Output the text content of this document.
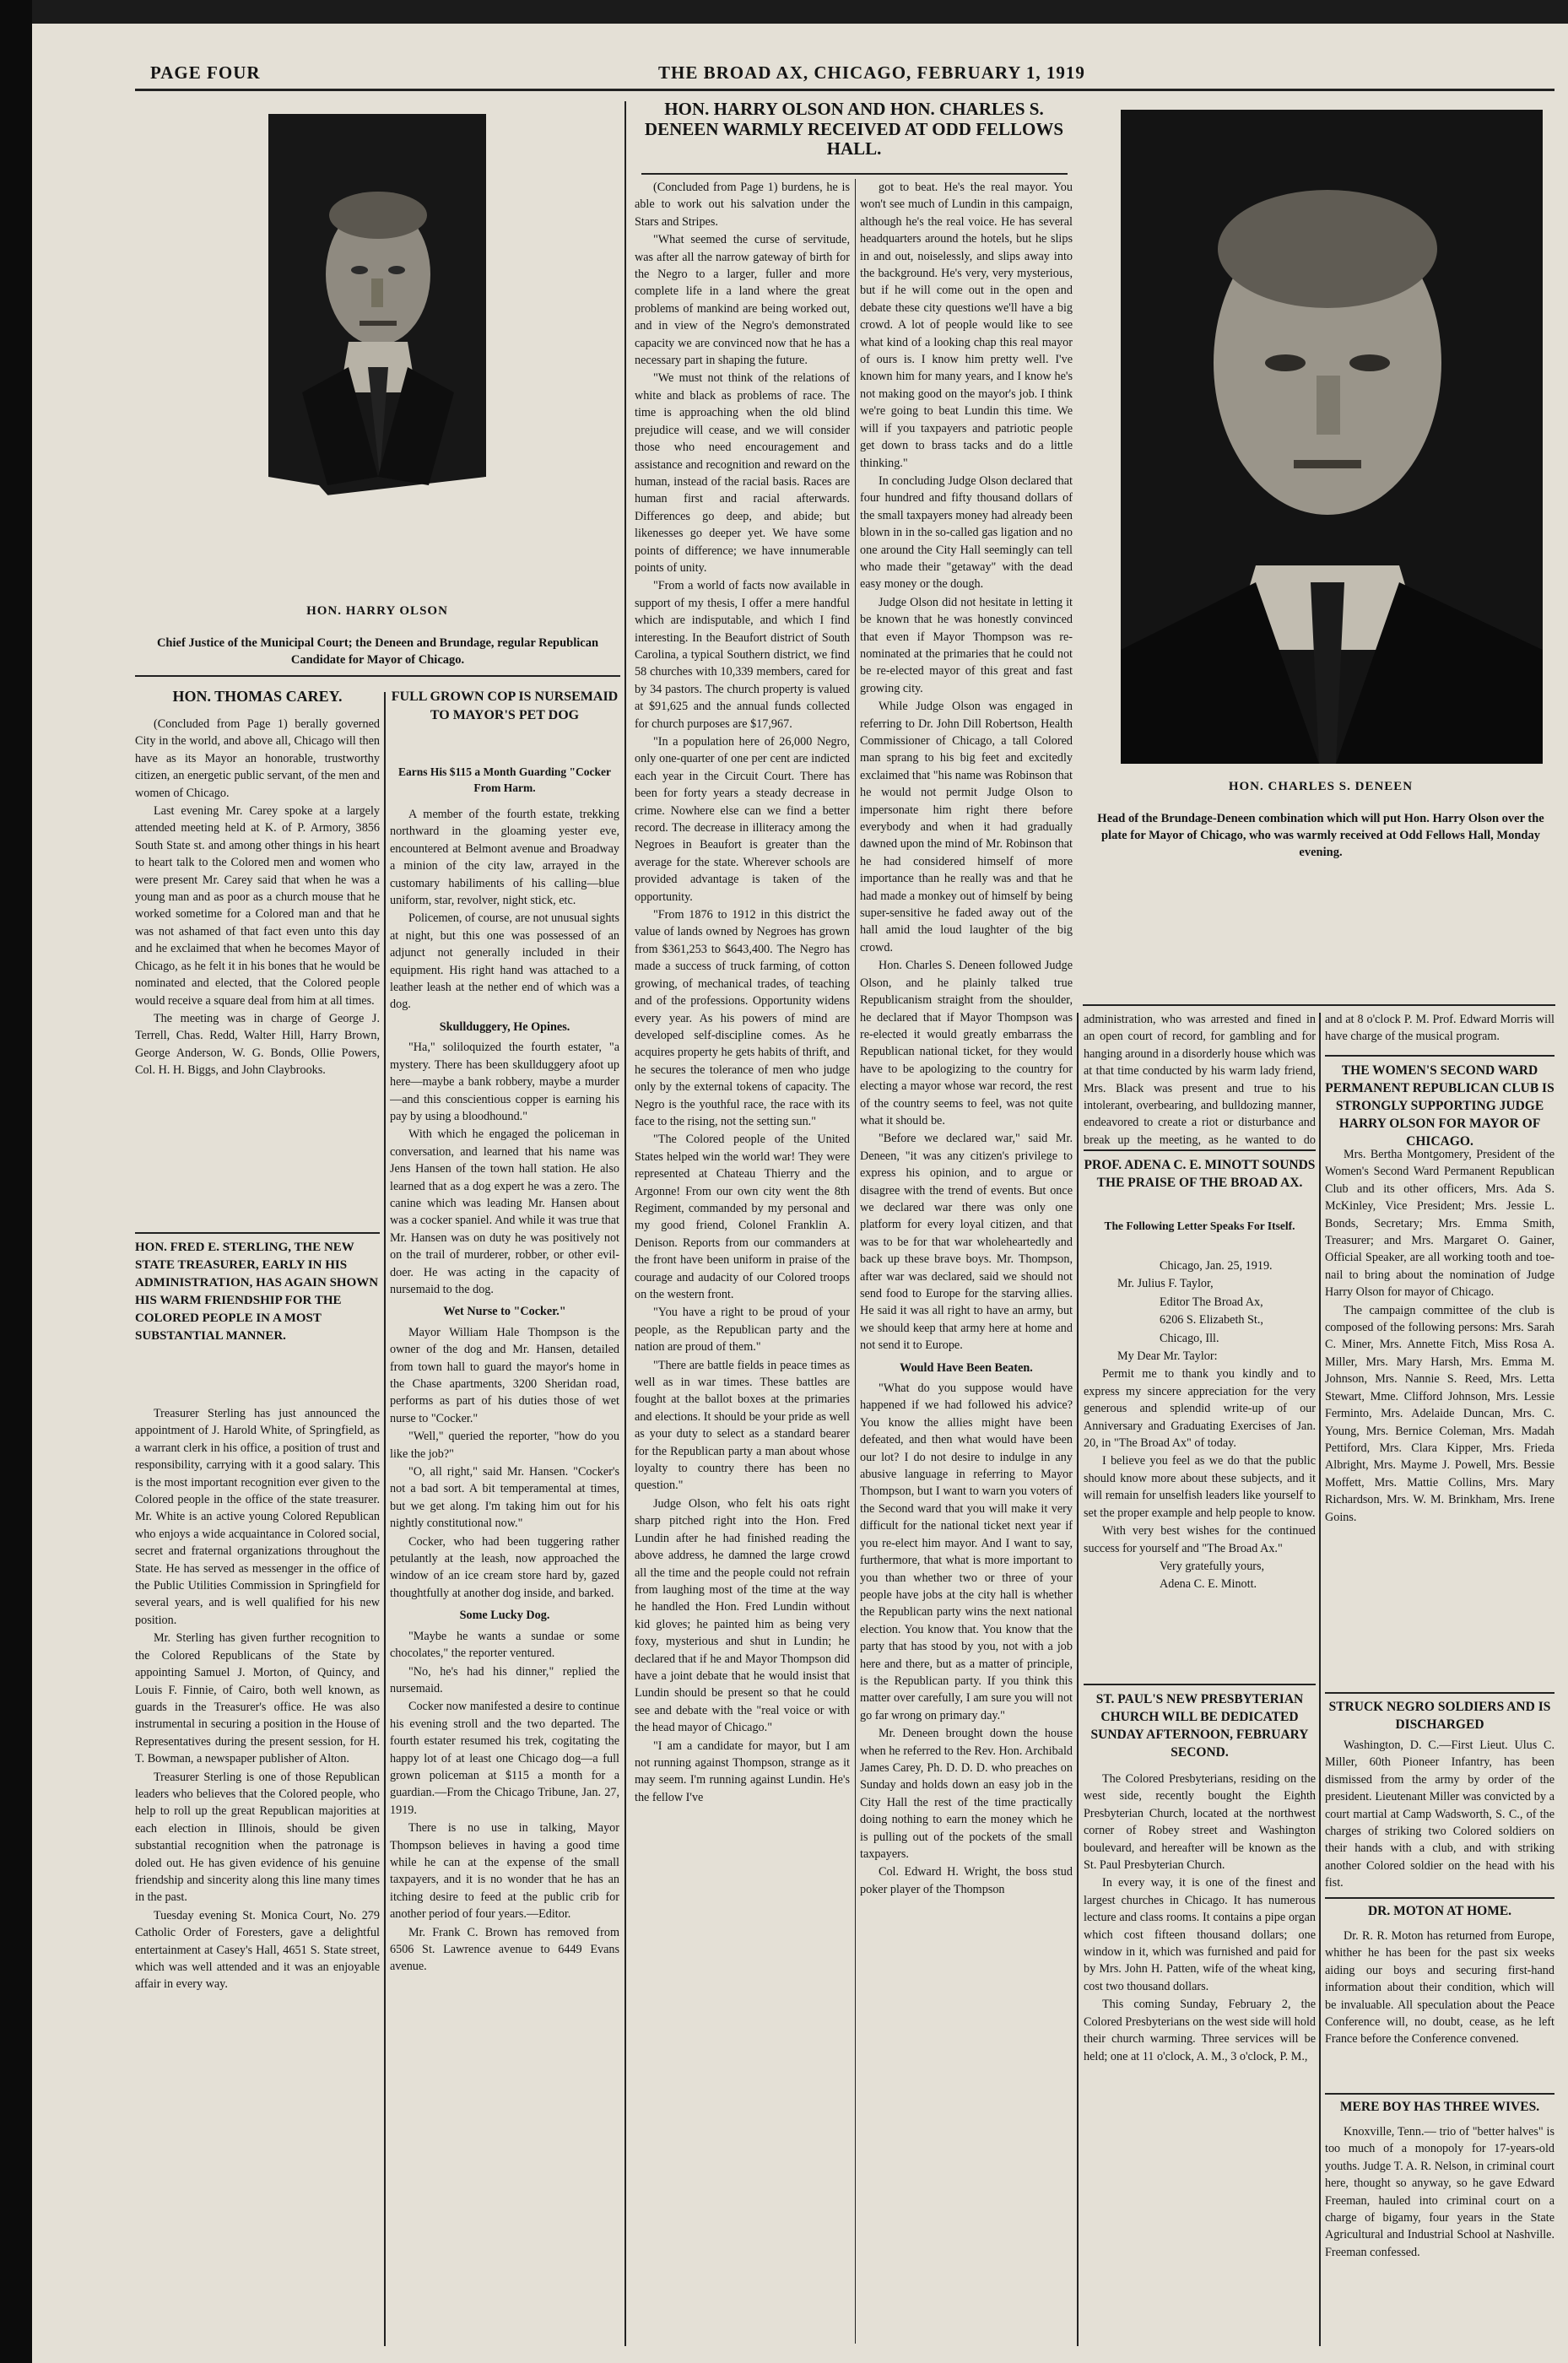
PAGE FOUR	THE BROAD AX, CHICAGO, FEBRUARY 1, 1919
HON. HARRY OLSON
Chief Justice of the Municipal Court; the Deneen and Brundage, regular Republican Candidate for Mayor of Chicago.
HON. CHARLES S. DENEEN
Head of the Brundage-Deneen combination which will put Hon. Harry Olson over the plate for Mayor of Chicago, who was warmly received at Odd Fellows Hall, Monday evening.
HON. HARRY OLSON AND HON. CHARLES S. DENEEN WARMLY RECEIVED AT ODD FELLOWS HALL.

(Concluded from Page 1) burdens, he is able to work out his salvation under the Stars and Stripes.

"What seemed the curse of servitude, was after all the narrow gateway of birth for the Negro to a larger, fuller and more complete life in a land where the great problems of mankind are being worked out, and in view of the Negro's demonstrated capacity we are convinced now that he has a necessary part in shaping the future.

"We must not think of the relations of white and black as problems of race. The time is approaching when the old blind prejudice will cease, and we will consider those who need encouragement and assistance and recognition and reward on the human, instead of the racial basis. Races are human first and racial afterwards. Differences go deep, and abide; but likenesses go deeper yet. We have some points of difference; we have innumerable points of unity.

"From a world of facts now available in support of my thesis, I offer a mere handful which are indisputable, and which I find interesting. In the Beaufort district of South Carolina, a typical Southern district, we find 58 churches with 10,339 members, cared for by 34 pastors. The church property is valued at $91,625 and the annual funds collected for church purposes are $17,967.

"In a population here of 26,000 Negro, only one-quarter of one per cent are indicted each year in the Circuit Court. There has been for forty years a steady decrease in crime. Nowhere else can we find a better record. The decrease in illiteracy among the Negroes in Beaufort is greater than the average for the state. Wherever schools are provided advantage is taken of the opportunity.

"From 1876 to 1912 in this district the value of lands owned by Negroes has grown from $361,253 to $643,400. The Negro has made a success of truck farming, of cotton growing, of mechanical trades, of teaching and of the professions. Opportunity widens every year. As his powers of mind are developed self-discipline comes. As he acquires property he gets habits of thrift, and he secures the tolerance of men who judge only by the external tokens of capacity. The Negro is the youthful race, the race with its face to the rising, not the setting sun."

"The Colored people of the United States helped win the world war! They were represented at Chateau Thierry and the Argonne! From our own city went the 8th Regiment, commanded by my personal and my good friend, Colonel Franklin A. Denison. Reports from our commanders at the front have been uniform in praise of the courage and audacity of our Colored troops on the western front.

"You have a right to be proud of your people, as the Republican party and the nation are proud of them."

"There are battle fields in peace times as well as in war times. These battles are fought at the ballot boxes at the primaries and elections. It should be your pride as well as your duty to select as a standard bearer for the Republican party a man about whose loyalty to country there has been no question."

Judge Olson, who felt his oats right sharp pitched right into the Hon. Fred Lundin after he had finished reading the above address, he damned the large crowd all the time and the people could not refrain from laughing most of the time at the way he handled the Hon. Fred Lundin without kid gloves; he painted him as being very foxy, mysterious and shut in Lundin; he declared that if he and Mayor Thompson did have a joint debate that he would insist that Lundin should be present so that he could see and debate with the "real voice or with the head mayor of Chicago."

"I am a candidate for mayor, but I am not running against Thompson, strange as it may seem. I'm running against Lundin. He's the fellow I've

got to beat. He's the real mayor. You won't see much of Lundin in this campaign, although he's the real voice. He has several headquarters around the hotels, but he slips in and out, noiselessly, and slips away into the background. He's very, very mysterious, but if he will come out in the open and debate these city questions we'll have a big crowd. A lot of people would like to see what kind of a looking chap this real mayor of ours is. I know him pretty well. I've known him for many years, and I know he's not making good on the mayor's job. I think we're going to beat Lundin this time. We will if you taxpayers and patriotic people get down to brass tacks and do a little thinking."

In concluding Judge Olson declared that four hundred and fifty thousand dollars of the small taxpayers money had already been blown in in the so-called gas ligation and no one around the City Hall seemingly can tell who made their "getaway" with the dead easy money or the dough.

Judge Olson did not hesitate in letting it be known that he was honestly convinced that even if Mayor Thompson was re-nominated at the primaries that he could not be re-elected mayor of this great and fast growing city.

While Judge Olson was engaged in referring to Dr. John Dill Robertson, Health Commissioner of Chicago, a tall Colored man sprang to his big feet and excitedly exclaimed that "his name was Robinson that he would not permit Judge Olson to impersonate him right there before everybody and when it had gradually dawned upon the mind of Mr. Robinson that he had considered himself of more importance than he really was and that he had made a monkey out of himself by being super-sensitive he faded away out of the hall amid the loud laughter of the big crowd.

Hon. Charles S. Deneen followed Judge Olson, and he plainly talked true Republicanism straight from the shoulder, he declared that if Mayor Thompson was re-elected it would greatly embarrass the Republican national ticket, for they would have to be apologizing to the country for electing a mayor whose war record, the rest of the country seems to feel, was not quite what it should be.

"Before we declared war," said Mr. Deneen, "it was any citizen's privilege to express his opinion, and to argue or disagree with the trend of events. But once we declared war there was only one platform for every loyal citizen, and that was to be for that war wholeheartedly and back up these brave boys. Mr. Thompson, after war was declared, said we should not send food to Europe for the starving allies. He said it was all right to have an army, but we should keep that army here at home and not send it to Europe.

Would Have Been Beaten.

"What do you suppose would have happened if we had followed his advice? You know the allies might have been defeated, and then what would have been our lot? I do not desire to indulge in any abusive language in referring to Mayor Thompson, but I want to warn you voters of the Second ward that you will make it very difficult for the national ticket next year if you re-elect him mayor. And I want to say, furthermore, that what is more important to you than whether two or three of your people have jobs at the city hall is whether the Republican party wins the next national election. You know that. You know that the party that has stood by you, not with a job here and there, but as a matter of principle, is the Republican party. If you think this matter over carefully, I am sure you will not go far wrong on primary day."

Mr. Deneen brought down the house when he referred to the Rev. Hon. Archibald James Carey, Ph. D. D. D. who preaches on Sunday and holds down an easy job in the City Hall the rest of the time practically doing nothing to earn the money which he is pulling out of the pockets of the small taxpayers.

Col. Edward H. Wright, the boss stud poker player of the Thompson

HON. THOMAS CAREY.

(Concluded from Page 1) berally governed City in the world, and above all, Chicago will then have as its Mayor an honorable, trustworthy citizen, an energetic public servant, of the men and women of Chicago.

Last evening Mr. Carey spoke at a largely attended meeting held at K. of P. Armory, 3856 South State st. and among other things in his heart to heart talk to the Colored men and women who were present Mr. Carey said that when he was a young man and as poor as a church mouse that he worked sometime for a Colored man and that he was not ashamed of that fact even unto this day and he exclaimed that when he becomes Mayor of Chicago, as he felt it in his bones that he would be nominated and elected, that the Colored people would receive a square deal from him at all times.

The meeting was in charge of George J. Terrell, Chas. Redd, Walter Hill, Harry Brown, George Anderson, W. G. Bonds, Ollie Powers, Col. H. H. Biggs, and John Claybrooks.

HON. FRED E. STERLING, THE NEW STATE TREASURER, EARLY IN HIS ADMINISTRATION, HAS AGAIN SHOWN HIS WARM FRIENDSHIP FOR THE COLORED PEOPLE IN A MOST SUBSTANTIAL MANNER.

Treasurer Sterling has just announced the appointment of J. Harold White, of Springfield, as a warrant clerk in his office, a position of trust and responsibility, carrying with it a good salary. This is the most important recognition ever given to the Colored people in the office of the state treasurer. Mr. White is an active young Colored Republican who enjoys a wide acquaintance in Colored social, secret and fraternal organizations throughout the State. He has served as messenger in the office of the Public Utilities Commission in Springfield for several years, and is well qualified for his new position.

Mr. Sterling has given further recognition to the Colored Republicans of the State by appointing Samuel J. Morton, of Quincy, and Louis F. Finnie, of Cairo, both well known, as guards in the Treasurer's office. He was also instrumental in securing a position in the House of Representatives during the present session, for H. T. Bowman, a newspaper publisher of Alton.

Treasurer Sterling is one of those Republican leaders who believes that the Colored people, who help to roll up the great Republican majorities at each election in Illinois, should be given substantial recognition when the patronage is doled out. He has given evidence of his genuine friendship and sincerity along this line many times in the past.

Tuesday evening St. Monica Court, No. 279 Catholic Order of Foresters, gave a delightful entertainment at Casey's Hall, 4651 S. State street, which was well attended and it was an enjoyable affair in every way.

FULL GROWN COP IS NURSEMAID TO MAYOR'S PET DOG
Earns His $115 a Month Guarding "Cocker From Harm.

A member of the fourth estate, trekking northward in the gloaming yester eve, encountered at Belmont avenue and Broadway a minion of the city law, arrayed in the customary habiliments of his calling—blue uniform, star, revolver, night stick, etc.

Policemen, of course, are not unusual sights at night, but this one was possessed of an adjunct not generally included in their equipment. His right hand was attached to a leather leash at the nether end of which was a dog.

Skullduggery, He Opines.

"Ha," soliloquized the fourth estater, "a mystery. There has been skullduggery afoot up here—maybe a bank robbery, maybe a murder—and this conscientious copper is earning his pay by using a bloodhound."

With which he engaged the policeman in conversation, and learned that his name was Jens Hansen of the town hall station. He also learned that as a dog expert he was a zero. The canine which was leading Mr. Hansen about was a cocker spaniel. And while it was true that Mr. Hansen was on duty he was positively not on the trail of murderer, robber, or other evil-doer. He was acting in the capacity of nursemaid to the dog.

Wet Nurse to "Cocker."

Mayor William Hale Thompson is the owner of the dog and Mr. Hansen, detailed from town hall to guard the mayor's home in the Chase apartments, 3200 Sheridan road, performs as part of his duties those of wet nurse to "Cocker."

"Well," queried the reporter, "how do you like the job?"

"O, all right," said Mr. Hansen. "Cocker's not a bad sort. A bit temperamental at times, but we get along. I'm taking him out for his nightly constitutional now."

Cocker, who had been tuggering rather petulantly at the leash, now approached the window of an ice cream store hard by, gazed thoughtfully at another dog inside, and barked.

Some Lucky Dog.

"Maybe he wants a sundae or some chocolates," the reporter ventured.

"No, he's had his dinner," replied the nursemaid.

Cocker now manifested a desire to continue his evening stroll and the two departed. The fourth estater resumed his trek, cogitating the happy lot of at least one Chicago dog—a full grown policeman at $115 a month for a guardian.—From the Chicago Tribune, Jan. 27, 1919.

There is no use in talking, Mayor Thompson believes in having a good time while he can at the expense of the small taxpayers, and it is no wonder that he has an itching desire to feed at the public crib for another period of four years.—Editor.

Mr. Frank C. Brown has removed from 6506 St. Lawrence avenue to 6449 Evans avenue.

administration, who was arrested and fined in an open court of record, for gambling and for hanging around in a disorderly house which was at that time conducted by his warm lady friend, Mrs. Black was present and true to his intolerant, overbearing, and bulldozing manner, endeavored to create a riot or disturbance and break up the meeting, as he wanted to do

PROF. ADENA C. E. MINOTT SOUNDS THE PRAISE OF THE BROAD AX.
The Following Letter Speaks For Itself.

Chicago, Jan. 25, 1919.

Mr. Julius F. Taylor,

Editor The Broad Ax,

6206 S. Elizabeth St.,

Chicago, Ill.

My Dear Mr. Taylor:

Permit me to thank you kindly and to express my sincere appreciation for the very generous and splendid write-up of our Anniversary and Graduating Exercises of Jan. 20, in "The Broad Ax" of today.

I believe you feel as we do that the public should know more about these subjects, and it will remain for unselfish leaders like yourself to set the proper example and help people to know.

With very best wishes for the continued success for yourself and "The Broad Ax."

Very gratefully yours,

Adena C. E. Minott.

ST. PAUL'S NEW PRESBYTERIAN CHURCH WILL BE DEDICATED SUNDAY AFTERNOON, FEBRUARY SECOND.

The Colored Presbyterians, residing on the west side, recently bought the Eighth Presbyterian Church, located at the northwest corner of Robey street and Washington boulevard, and hereafter will be known as the St. Paul Presbyterian Church.

In every way, it is one of the finest and largest churches in Chicago. It has numerous lecture and class rooms. It contains a pipe organ which cost fifteen thousand dollars; one window in it, which was furnished and paid for by Mrs. John H. Patten, wife of the wheat king, cost two thousand dollars.

This coming Sunday, February 2, the Colored Presbyterians on the west side will hold their church warming. Three services will be held; one at 11 o'clock, A. M., 3 o'clock, P. M.,

and at 8 o'clock P. M. Prof. Edward Morris will have charge of the musical program.

THE WOMEN'S SECOND WARD PERMANENT REPUBLICAN CLUB IS STRONGLY SUPPORTING JUDGE HARRY OLSON FOR MAYOR OF CHICAGO.

Mrs. Bertha Montgomery, President of the Women's Second Ward Permanent Republican Club and its other officers, Mrs. Ada S. McKinley, Vice President; Mrs. Jessie L. Bonds, Secretary; Mrs. Emma Smith, Treasurer; and Mrs. Margaret O. Gainer, Official Speaker, are all working tooth and toe-nail to bring about the nomination of Judge Harry Olson for mayor of Chicago.

The campaign committee of the club is composed of the following persons: Mrs. Sarah C. Miner, Mrs. Annette Fitch, Miss Rosa A. Miller, Mrs. Mary Harsh, Mrs. Emma M. Johnson, Mrs. Nannie S. Reed, Mrs. Letta Stewart, Mme. Clifford Johnson, Mrs. Lessie Ferminto, Mrs. Adelaide Duncan, Mrs. C. Young, Mrs. Bernice Coleman, Mrs. Madah Pettiford, Mrs. Clara Kipper, Mrs. Frieda Albright, Mrs. Mayme J. Powell, Mrs. Bessie Moffett, Mrs. Mattie Collins, Mrs. Mary Richardson, Mrs. W. M. Brinkham, Mrs. Irene Goins.

STRUCK NEGRO SOLDIERS AND IS DISCHARGED

Washington, D. C.—First Lieut. Ulus C. Miller, 60th Pioneer Infantry, has been dismissed from the army by order of the president. Lieutenant Miller was convicted by a court martial at Camp Wadsworth, S. C., of the charges of striking two Colored soldiers on their hands with a club, and with striking another Colored soldier on the head with his fist.

DR. MOTON AT HOME.

Dr. R. R. Moton has returned from Europe, whither he has been for the past six weeks aiding our boys and securing first-hand information about their condition, which will be invaluable. All speculation about the Peace Conference will, no doubt, cease, as he left France before the Conference convened.

MERE BOY HAS THREE WIVES.

Knoxville, Tenn.— trio of "better halves" is too much of a monopoly for 17-years-old youths. Judge T. A. R. Nelson, in criminal court here, thought so anyway, so he gave Edward Freeman, hauled into criminal court on a charge of bigamy, four years in the State Agricultural and Industrial School at Nashville. Freeman confessed.
